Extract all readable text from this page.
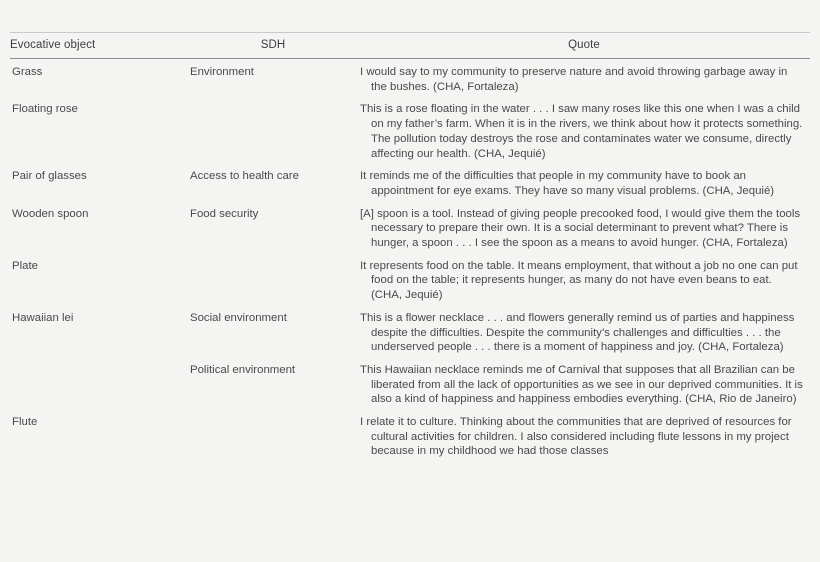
Evocative object	SDH	Quote
Grass	Environment	I would say to my community to preserve nature and avoid throwing garbage away in the bushes. (CHA, Fortaleza)

Floating rose		This is a rose floating in the water . . . I saw many roses like this one when I was a child on my father’s farm. When it is in the rivers, we think about how it protects something. The pollution today destroys the rose and contaminates water we consume, directly affecting our health. (CHA, Jequié)

Pair of glasses	Access to health care	It reminds me of the difficulties that people in my community have to book an appointment for eye exams. They have so many visual problems. (CHA, Jequié)

Wooden spoon	Food security	[A] spoon is a tool. Instead of giving people precooked food, I would give them the tools necessary to prepare their own. It is a social determinant to prevent what? There is hunger, a spoon . . . I see the spoon as a means to avoid hunger. (CHA, Fortaleza)

Plate		It represents food on the table. It means employment, that without a job no one can put food on the table; it represents hunger, as many do not have even beans to eat. (CHA, Jequié)

Hawaiian lei	Social environment	This is a flower necklace . . . and flowers generally remind us of parties and happiness despite the difficulties. Despite the community’s challenges and difficulties . . . the underserved people . . . there is a moment of happiness and joy. (CHA, Fortaleza)

	Political environment	This Hawaiian necklace reminds me of Carnival that supposes that all Brazilian can be liberated from all the lack of opportunities as we see in our deprived communities. It is also a kind of happiness and happiness embodies everything. (CHA, Rio de Janeiro)

Flute		I relate it to culture. Thinking about the communities that are deprived of resources for cultural activities for children. I also considered including flute lessons in my project because in my childhood we had those classes
